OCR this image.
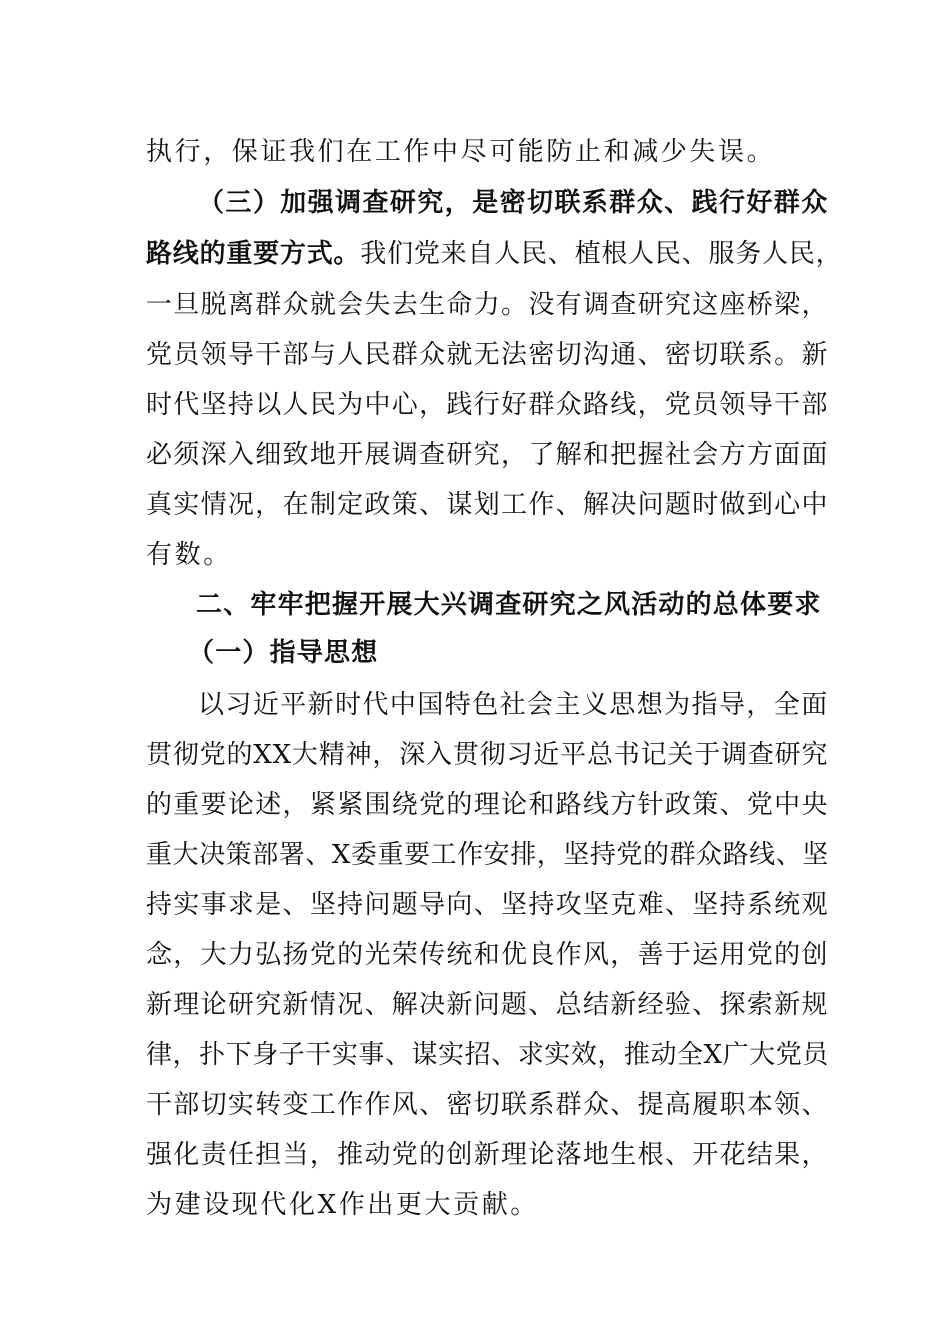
执行，保证我们在工作中尽可能防止和减少失误。
（三）加强调查研究，是密切联系群众、践行好群众
路线的重要方式。我们党来自人民、植根人民、服务人民，
一旦脱离群众就会失去生命力。没有调查研究这座桥梁，
党员领导干部与人民群众就无法密切沟通、密切联系。新
时代坚持以人民为中心，践行好群众路线，党员领导干部
必须深入细致地开展调查研究，了解和把握社会方方面面
真实情况，在制定政策、谋划工作、解决问题时做到心中
有数。
二、牢牢把握开展大兴调查研究之风活动的总体要求
（一）指导思想
以习近平新时代中国特色社会主义思想为指导，全面
贯彻党的XX大精神，深入贯彻习近平总书记关于调查研究
的重要论述，紧紧围绕党的理论和路线方针政策、党中央
重大决策部署、X委重要工作安排，坚持党的群众路线、坚
持实事求是、坚持问题导向、坚持攻坚克难、坚持系统观
念，大力弘扬党的光荣传统和优良作风，善于运用党的创
新理论研究新情况、解决新问题、总结新经验、探索新规
律，扑下身子干实事、谋实招、求实效，推动全X广大党员
干部切实转变工作作风、密切联系群众、提高履职本领、
强化责任担当，推动党的创新理论落地生根、开花结果，
为建设现代化X作出更大贡献。
